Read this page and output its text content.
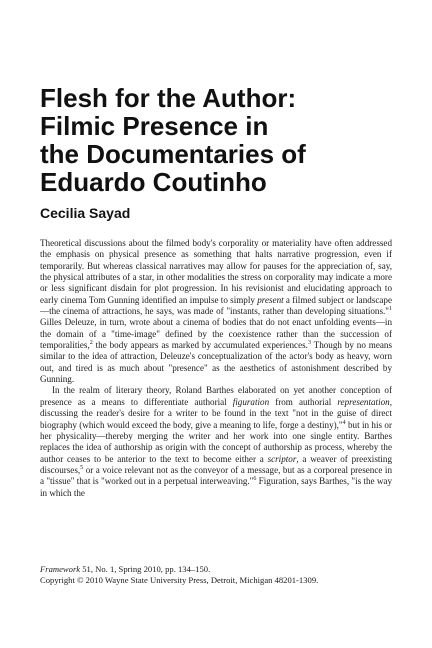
Flesh for the Author:
Filmic Presence in
the Documentaries of
Eduardo Coutinho
Cecilia Sayad

Theoretical discussions about the filmed body's corporality or materiality have often addressed the emphasis on physical presence as something that halts narrative progression, even if temporarily. But whereas classical narratives may allow for pauses for the appreciation of, say, the physical attributes of a star, in other modalities the stress on corporality may indicate a more or less significant disdain for plot progression. In his revisionist and elucidating approach to early cinema Tom Gunning identified an impulse to simply present a filmed subject or landscape—the cinema of attractions, he says, was made of "instants, rather than developing situations."$^1$ Gilles Deleuze, in turn, wrote about a cinema of bodies that do not enact unfolding events—in the domain of a "time-image" defined by the coexistence rather than the succession of temporalities,$^2$ the body appears as marked by accumulated experiences.$^3$ Though by no means similar to the idea of attraction, Deleuze's conceptualization of the actor's body as heavy, worn out, and tired is as much about "presence" as the aesthetics of astonishment described by Gunning.

In the realm of literary theory, Roland Barthes elaborated on yet another conception of presence as a means to differentiate authorial figuration from authorial representation, discussing the reader's desire for a writer to be found in the text "not in the guise of direct biography (which would exceed the body, give a meaning to life, forge a destiny),"$^4$ but in his or her physicality—thereby merging the writer and her work into one single entity. Barthes replaces the idea of authorship as origin with the concept of authorship as process, whereby the author ceases to be anterior to the text to become either a scriptor, a weaver of preexisting discourses,$^5$ or a voice relevant not as the conveyor of a message, but as a corporeal presence in a "tissue" that is "worked out in a perpetual interweaving."$^6$ Figuration, says Barthes, "is the way in which the

Framework 51, No. 1, Spring 2010, pp. 134–150.
Copyright © 2010 Wayne State University Press, Detroit, Michigan 48201-1309.
